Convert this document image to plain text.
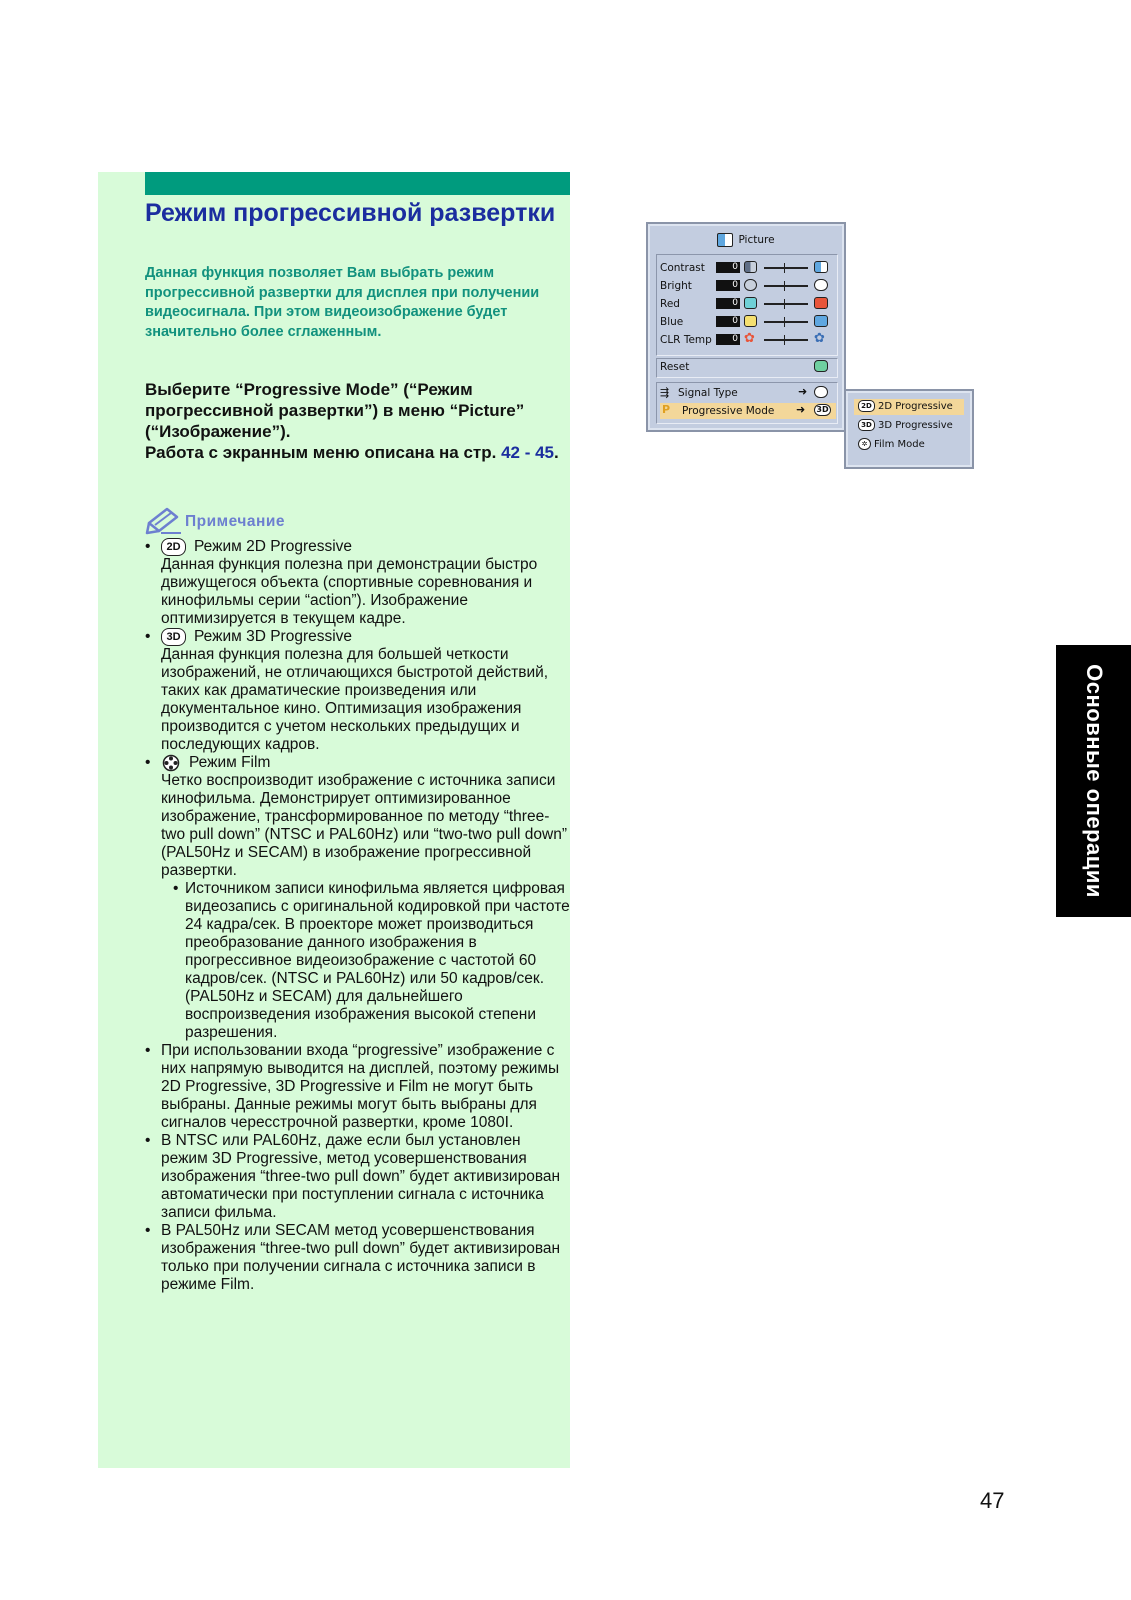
Режим прогрессивной развертки
Данная функция позволяет Вам выбрать режим прогрессивной развертки для дисплея при получении видеосигнала. При этом видеоизображение будет значительно более сглаженным.
Выберите “Progressive Mode” (“Режим прогрессивной развертки”) в меню “Picture” (“Изображение”).
Работа с экранным меню описана на стр. 42 - 45.
Примечание
•	2D Режим 2D Progressive
Данная функция полезна при демонстрации быстро движущегося объекта (спортивные соревнования и кинофильмы серии “action”). Изображение оптимизируется в текущем кадре.
•	3D Режим 3D Progressive
Данная функция полезна для большей четкости изображений, не отличающихся быстротой действий, таких как драматические произведения или документальное кино. Оптимизация изображения производится с учетом нескольких предыдущих и последующих кадров.
• Режим Film
Четко воспроизводит изображение с источника записи кинофильма. Демонстрирует оптимизированное изображение, трансформированное по методу “three-two pull down” (NTSC и PAL60Hz) или “two-two pull down” (PAL50Hz и SECAM) в изображение прогрессивной развертки.
• Источником записи кинофильма является цифровая видеозапись с оригинальной кодировкой при частоте 24 кадра/сек. В проекторе может производиться преобразование данного изображения в прогрессивное видеоизображение с частотой 60 кадров/сек. (NTSC и PAL60Hz) или 50 кадров/сек. (PAL50Hz и SECAM) для дальнейшего воспроизведения изображения высокой степени разрешения.
• При использовании входа “progressive” изображение с них напрямую выводится на дисплей, поэтому режимы 2D Progressive, 3D Progressive и Film не могут быть выбраны. Данные режимы могут быть выбраны для сигналов чересстрочной развертки, кроме 1080I.
• В NTSC или PAL60Hz, даже если был установлен режим 3D Progressive, метод усовершенствования изображения “three-two pull down” будет активизирован автоматически при поступлении сигнала с источника записи фильма.
• В PAL50Hz или SECAM метод усовершенствования изображения “three-two pull down” будет активизирован только при получении сигнала с источника записи в режиме Film.
Picture
Contrast	0
Bright	0
Red	0
Blue	0
CLR Temp	0 ✿	✿
Reset
Signal Type
⇶	➜
P Progressive Mode ➜ 3D	2D 2D Progressive
3D 3D Progressive
✲ Film Mode
Основные операции
47
